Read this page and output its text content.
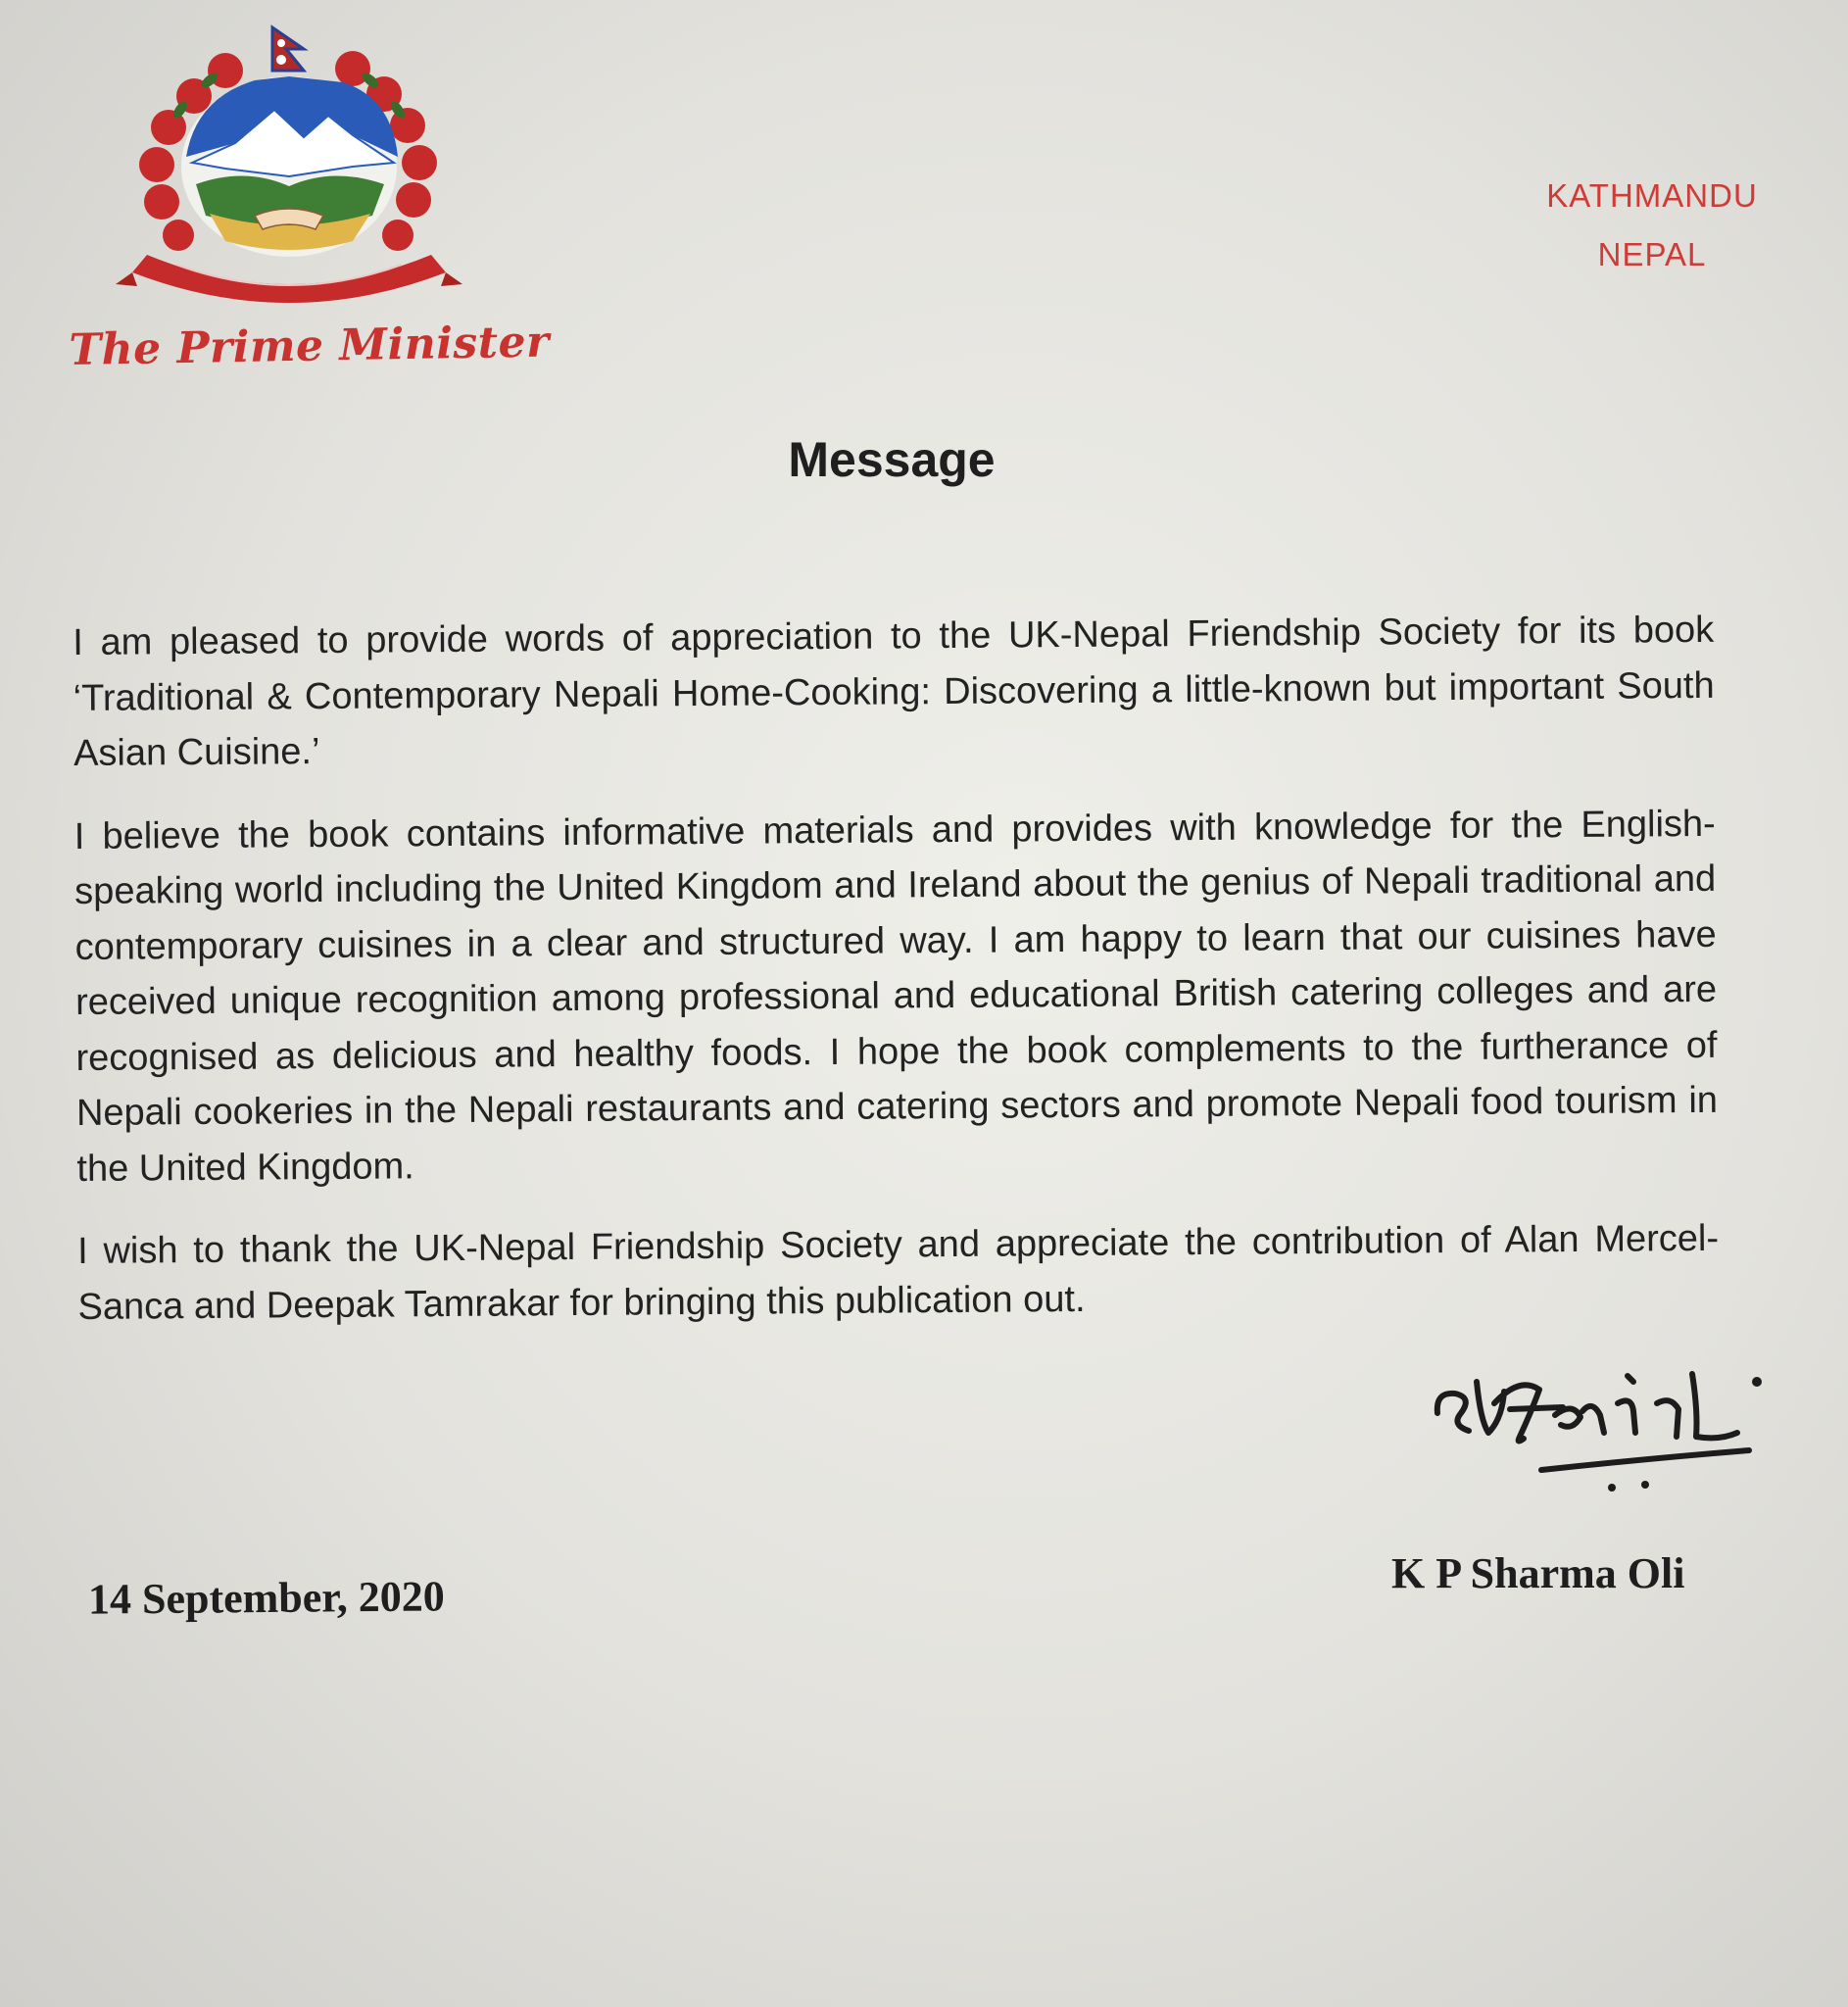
The Prime Minister
KATHMANDU
NEPAL
Message

I am pleased to provide words of appreciation to the UK-Nepal Friendship Society for its book ‘Traditional & Contemporary Nepali Home-Cooking: Discovering a little-known but important South Asian Cuisine.’

I believe the book contains informative materials and provides with knowledge for the English-speaking world including the United Kingdom and Ireland about the genius of Nepali traditional and contemporary cuisines in a clear and structured way. I am happy to learn that our cuisines have received unique recognition among professional and educational British catering colleges and are recognised as delicious and healthy foods. I hope the book complements to the furtherance of Nepali cookeries in the Nepali restaurants and catering sectors and promote Nepali food tourism in the United Kingdom.

I wish to thank the UK-Nepal Friendship Society and appreciate the contribution of Alan Mercel-Sanca and Deepak Tamrakar for bringing this publication out.

K P Sharma Oli
14 September, 2020
